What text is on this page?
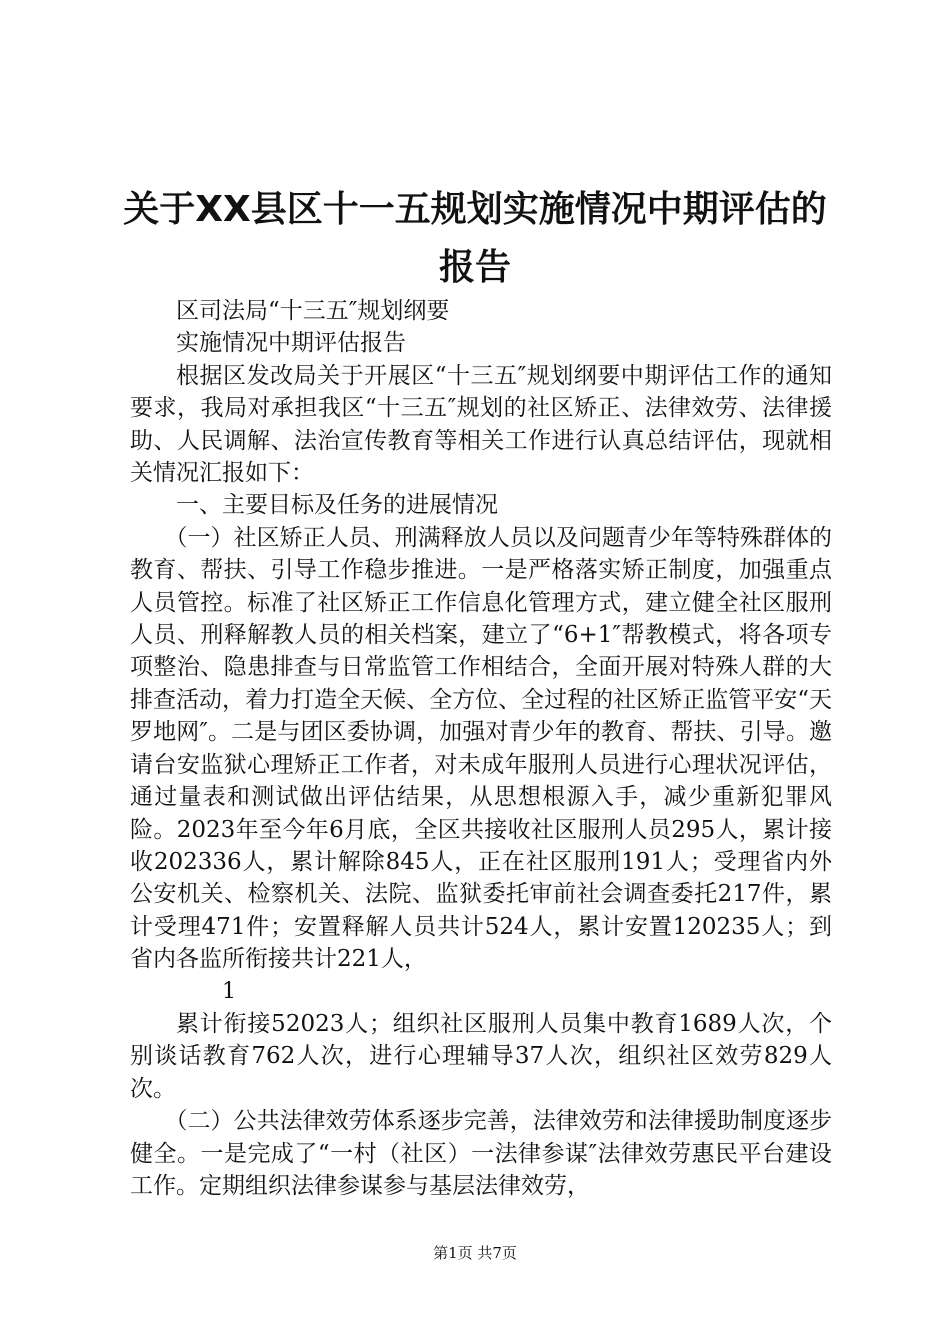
关于XX县区十一五规划实施情况中期评估的
报告

区司法局“十三五″规划纲要

实施情况中期评估报告

根据区发改局关于开展区“十三五″规划纲要中期评估工作的通知要求，我局对承担我区“十三五″规划的社区矫正、法律效劳、法律援助、人民调解、法治宣传教育等相关工作进行认真总结评估，现就相关情况汇报如下：

一、主要目标及任务的进展情况

（一）社区矫正人员、刑满释放人员以及问题青少年等特殊群体的教育、帮扶、引导工作稳步推进。一是严格落实矫正制度，加强重点人员管控。标准了社区矫正工作信息化管理方式，建立健全社区服刑人员、刑释解教人员的相关档案，建立了“6+1″帮教模式，将各项专项整治、隐患排查与日常监管工作相结合，全面开展对特殊人群的大排查活动，着力打造全天候、全方位、全过程的社区矫正监管平安“天罗地网″。二是与团区委协调，加强对青少年的教育、帮扶、引导。邀请台安监狱心理矫正工作者，对未成年服刑人员进行心理状况评估，通过量表和测试做出评估结果，从思想根源入手，减少重新犯罪风险。2023年至今年6月底，全区共接收社区服刑人员295人，累计接收202336人，累计解除845人，正在社区服刑191人；受理省内外公安机关、检察机关、法院、监狱委托审前社会调查委托217件，累计受理471件；安置释解人员共计524人，累计安置120235人；到省内各监所衔接共计221人，

1

累计衔接52023人；组织社区服刑人员集中教育1689人次，个别谈话教育762人次，进行心理辅导37人次，组织社区效劳829人次。

（二）公共法律效劳体系逐步完善，法律效劳和法律援助制度逐步健全。一是完成了“一村（社区）一法律参谋″法律效劳惠民平台建设工作。定期组织法律参谋参与基层法律效劳，

第1页 共7页
